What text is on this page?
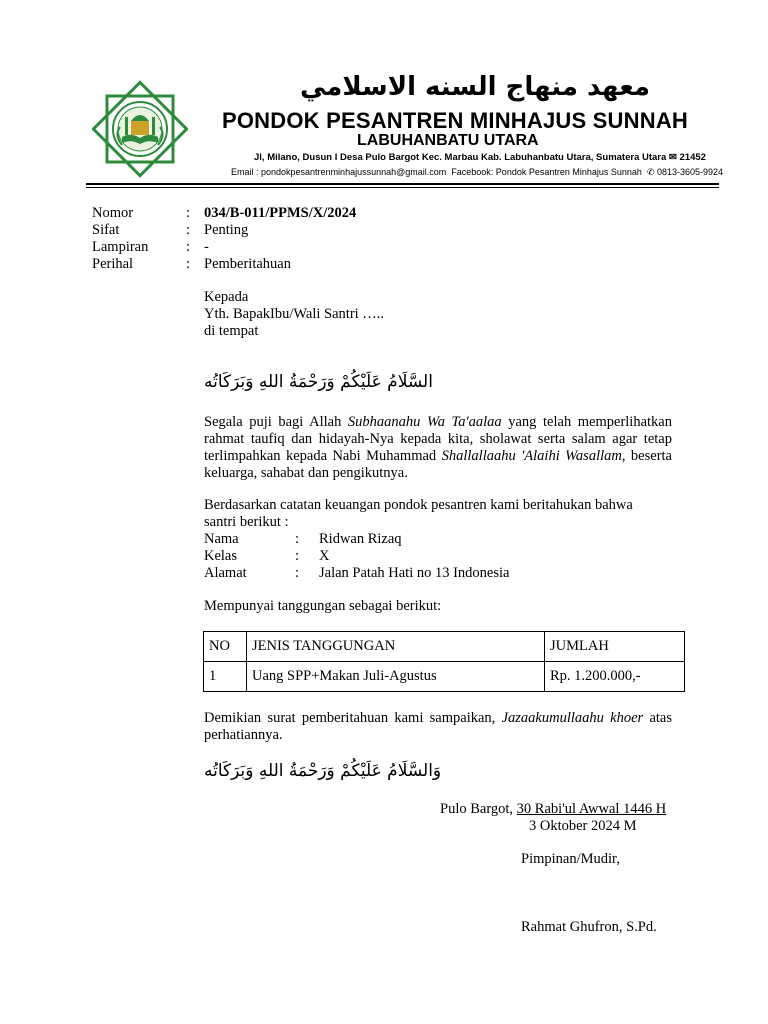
معهد منهاج السنه الاسلامي
PONDOK PESANTREN MINHAJUS SUNNAH
LABUHANBATU UTARA
Jl, Milano, Dusun I Desa Pulo Bargot Kec. Marbau Kab. Labuhanbatu Utara, Sumatera Utara ✉ 21452
Email : pondokpesantrenminhajussunnah@gmail.com Facebook: Pondok Pesantren Minhajus Sunnah ✆ 0813-3605-9924
Nomor	: 034/B-011/PPMS/X/2024
Sifat	: Penting
Lampiran	: -
Perihal	: Pemberitahuan
Kepada
Yth. BapakIbu/Wali Santri …..
di tempat
السَّلَامُ عَلَيْكُمْ وَرَحْمَةُ اللهِ وَبَرَكَاتُه
Segala puji bagi Allah Subhaanahu Wa Ta'aalaa yang telah memperlihatkan rahmat taufiq dan hidayah-Nya kepada kita, sholawat serta salam agar tetap terlimpahkan kepada Nabi Muhammad Shallallaahu 'Alaihi Wasallam, beserta keluarga, sahabat dan pengikutnya.
Berdasarkan catatan keuangan pondok pesantren kami beritahukan bahwa santri berikut :
Nama	: Ridwan Rizaq
Kelas	: X
Alamat	: Jalan Patah Hati no 13 Indonesia
Mempunyai tanggungan sebagai berikut:
NO	JENIS TANGGUNGAN	JUMLAH
1	Uang SPP+Makan Juli-Agustus	Rp. 1.200.000,-
Demikian surat pemberitahuan kami sampaikan, Jazaakumullaahu khoer atas perhatiannya.
وَالسَّلَامُ عَلَيْكُمْ وَرَحْمَةُ اللهِ وَبَرَكَاتُه
Pulo Bargot, 30 Rabi'ul Awwal 1446 H
3 Oktober 2024 M
Pimpinan/Mudir,
Rahmat Ghufron, S.Pd.
